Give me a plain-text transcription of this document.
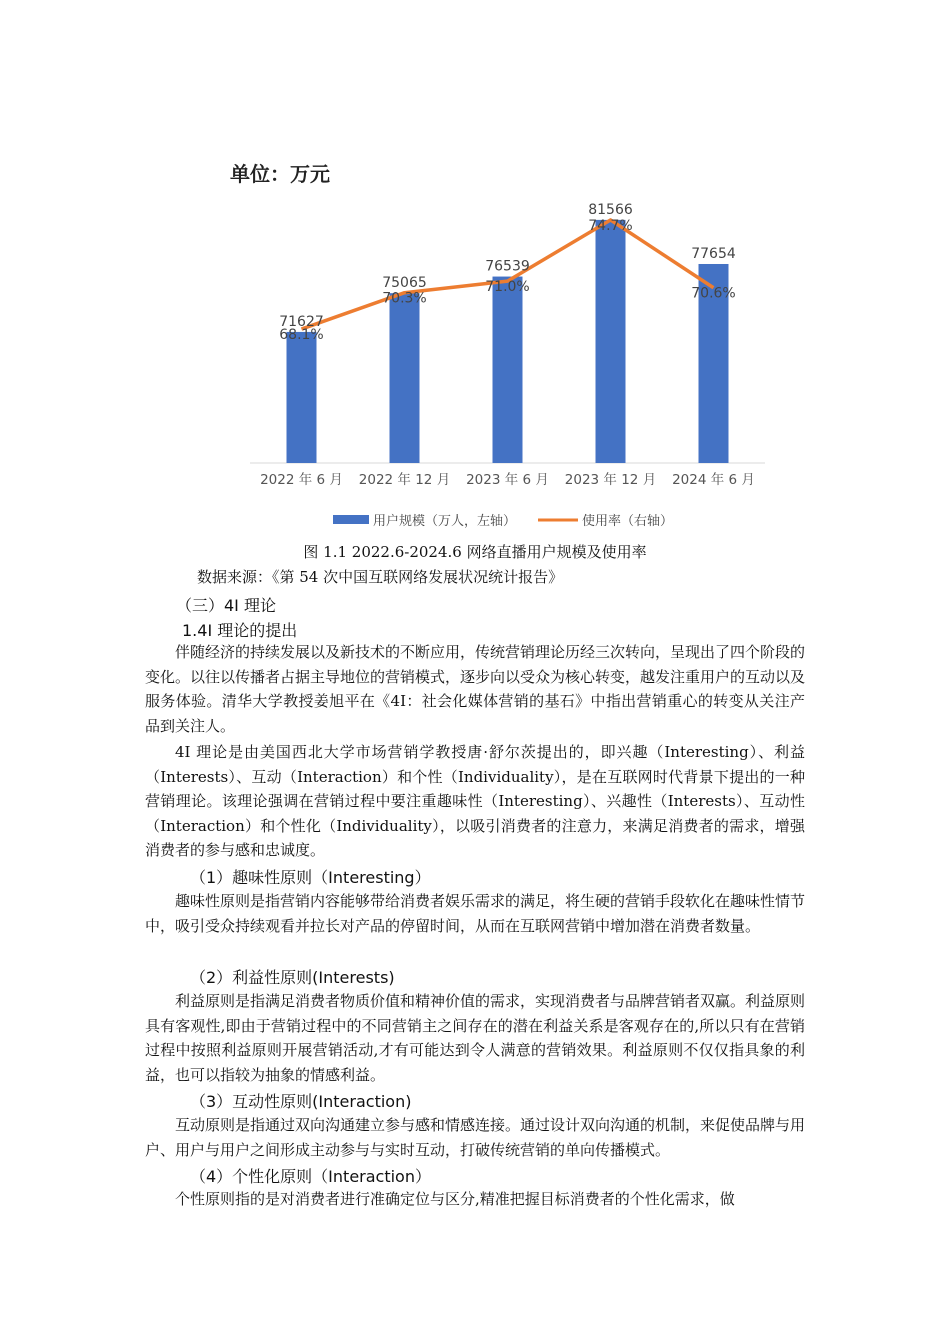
单位：万元
71627
75065
76539
81566
77654
68.1%
70.3%
71.0%
74.7%
70.6%
2022 年 6 月 2022 年 12 月 2023 年 6 月 2023 年 12 月 2024 年 6 月
用户规模（万人，左轴）	使用率（右轴）
图 1.1 2022.6-2024.6 网络直播用户规模及使用率
数据来源：《第 54 次中国互联网络发展状况统计报告》
（三）4I 理论
1.4I 理论的提出

伴随经济的持续发展以及新技术的不断应用，传统营销理论历经三次转向，呈现出了四个阶段的变化。以往以传播者占据主导地位的营销模式，逐步向以受众为核心转变，越发注重用户的互动以及服务体验。清华大学教授姜旭平在《4I：社会化媒体营销的基石》中指出营销重心的转变从关注产品到关注人。

4I 理论是由美国西北大学市场营销学教授唐·舒尔茨提出的，即兴趣（Interesting）、利益（Interests）、互动（Interaction）和个性（Individuality），是在互联网时代背景下提出的一种营销理论。该理论强调在营销过程中要注重趣味性（Interesting）、兴趣性（Interests）、互动性（Interaction）和个性化（Individuality），以吸引消费者的注意力，来满足消费者的需求，增强消费者的参与感和忠诚度。

（1）趣味性原则（Interesting）

趣味性原则是指营销内容能够带给消费者娱乐需求的满足，将生硬的营销手段软化在趣味性情节中，吸引受众持续观看并拉长对产品的停留时间，从而在互联网营销中增加潜在消费者数量。

（2）利益性原则(Interests)

利益原则是指满足消费者物质价值和精神价值的需求，实现消费者与品牌营销者双赢。利益原则具有客观性,即由于营销过程中的不同营销主之间存在的潜在利益关系是客观存在的,所以只有在营销过程中按照利益原则开展营销活动,才有可能达到令人满意的营销效果。利益原则不仅仅指具象的利益，也可以指较为抽象的情感利益。

（3）互动性原则(Interaction)

互动原则是指通过双向沟通建立参与感和情感连接。通过设计双向沟通的机制，来促使品牌与用户、用户与用户之间形成主动参与与实时互动，打破传统营销的单向传播模式。

（4）个性化原则（Interaction）

个性原则指的是对消费者进行准确定位与区分,精准把握目标消费者的个性化需求，做
